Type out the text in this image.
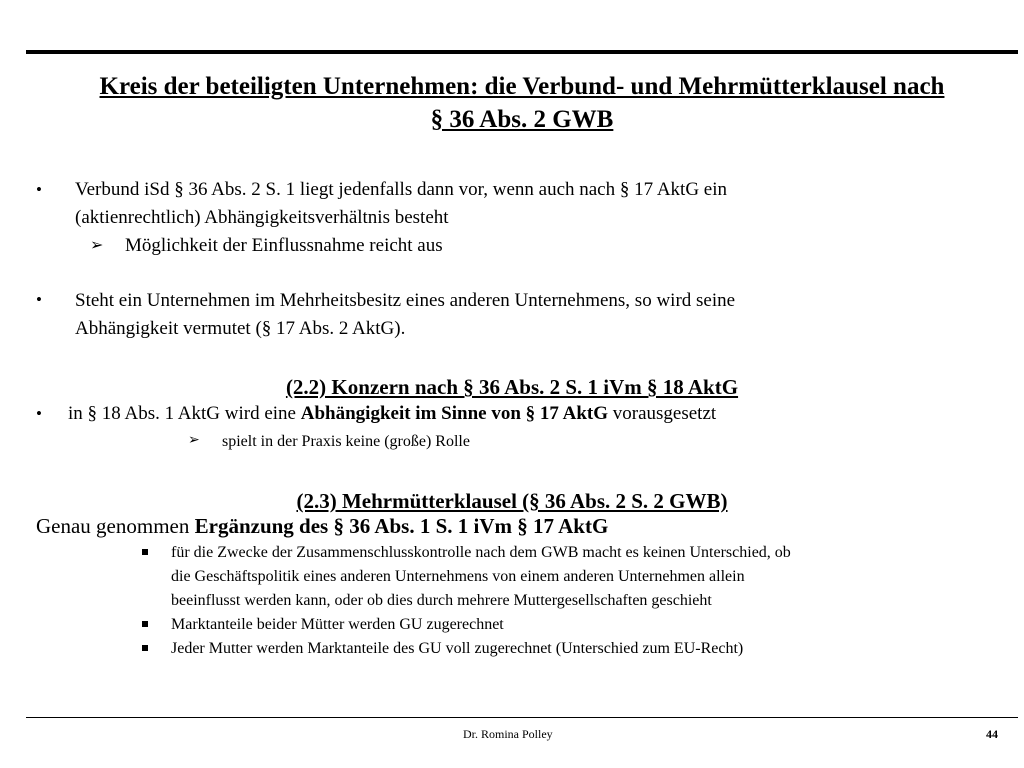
Kreis der beteiligten Unternehmen: die Verbund- und Mehrmütterklausel nach
§ 36 Abs. 2 GWB
• Verbund iSd § 36 Abs. 2 S. 1 liegt jedenfalls dann vor, wenn auch nach § 17 AktG ein
(aktienrechtlich) Abhängigkeitsverhältnis besteht
➢ Möglichkeit der Einflussnahme reicht aus
• Steht ein Unternehmen im Mehrheitsbesitz eines anderen Unternehmens, so wird seine
Abhängigkeit vermutet (§ 17 Abs. 2 AktG).
(2.2) Konzern nach § 36 Abs. 2 S. 1 iVm § 18 AktG
• in § 18 Abs. 1 AktG wird eine Abhängigkeit im Sinne von § 17 AktG vorausgesetzt
➢ spielt in der Praxis keine (große) Rolle
(2.3) Mehrmütterklausel (§ 36 Abs. 2 S. 2 GWB)
Genau genommen Ergänzung des § 36 Abs. 1 S. 1 iVm § 17 AktG
für die Zwecke der Zusammenschlusskontrolle nach dem GWB macht es keinen Unterschied, ob
die Geschäftspolitik eines anderen Unternehmens von einem anderen Unternehmen allein
beeinflusst werden kann, oder ob dies durch mehrere Muttergesellschaften geschieht
Marktanteile beider Mütter werden GU zugerechnet
Jeder Mutter werden Marktanteile des GU voll zugerechnet (Unterschied zum EU-Recht)
Dr. Romina Polley	44
